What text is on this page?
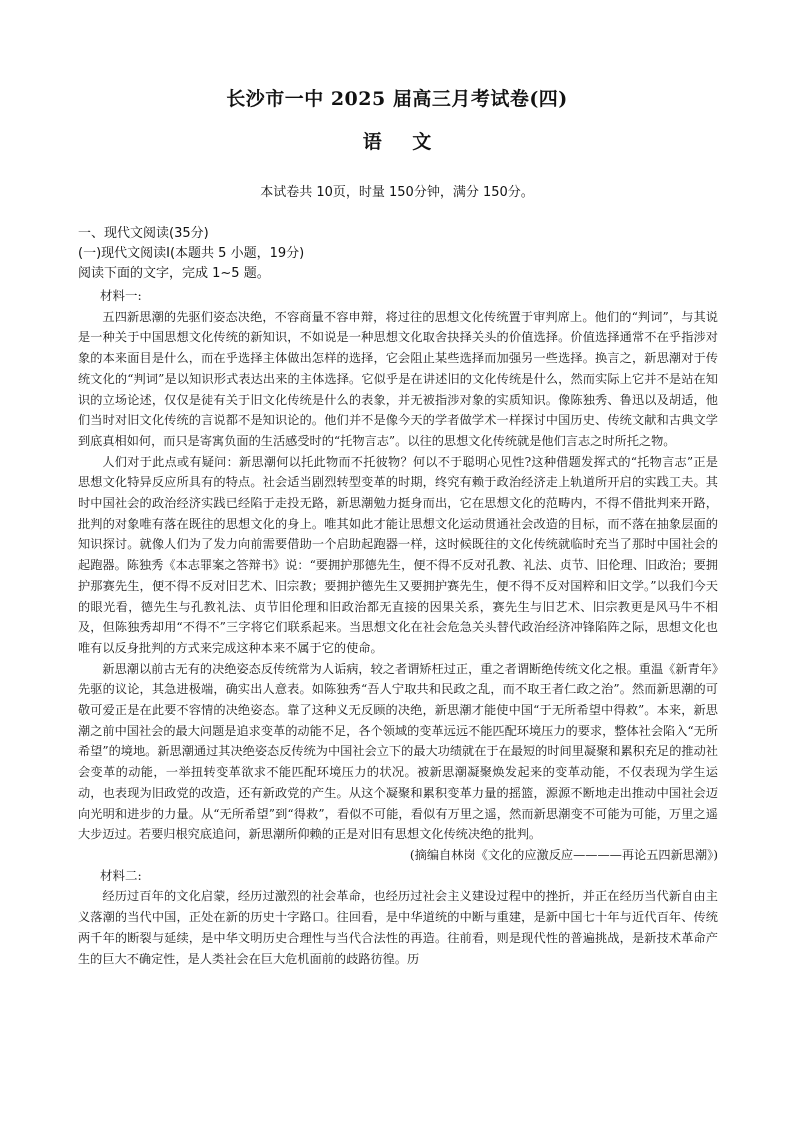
长沙市一中 2025 届高三月考试卷(四)
语 文
本试卷共 10页，时量 150分钟，满分 150分。
一、现代文阅读(35分)
(一)现代文阅读Ⅰ(本题共 5 小题，19分)
阅读下面的文字，完成 1~5 题。
材料一:

五四新思潮的先驱们姿态决绝，不容商量不容申辩，将过往的思想文化传统置于审判席上。他们的“判词”，与其说是一种关于中国思想文化传统的新知识，不如说是一种思想文化取舍抉择关头的价值选择。价值选择通常不在乎指涉对象的本来面目是什么，而在乎选择主体做出怎样的选择，它会阻止某些选择而加强另一些选择。换言之，新思潮对于传统文化的“判词”是以知识形式表达出来的主体选择。它似乎是在讲述旧的文化传统是什么，然而实际上它并不是站在知识的立场论述，仅仅是徒有关于旧文化传统是什么的表象，并无被指涉对象的实质知识。像陈独秀、鲁迅以及胡适，他们当时对旧文化传统的言说都不是知识论的。他们并不是像今天的学者做学术一样探讨中国历史、传统文献和古典文学到底真相如何，而只是寄寓负面的生活感受时的“托物言志”。以往的思想文化传统就是他们言志之时所托之物。

人们对于此点或有疑问：新思潮何以托此物而不托彼物？何以不于聪明心见性?这种借题发挥式的“托物言志”正是思想文化特异反应所具有的特点。社会适当剧烈转型变革的时期，终究有赖于政治经济走上轨道所开启的实践工夫。其时中国社会的政治经济实践已经陷于走投无路，新思潮勉力挺身而出，它在思想文化的范畴内，不得不借批判来开路，批判的对象唯有落在既往的思想文化的身上。唯其如此才能让思想文化运动贯通社会改造的目标，而不落在抽象层面的知识探讨。就像人们为了发力向前需要借助一个启助起跑器一样，这时候既往的文化传统就临时充当了那时中国社会的起跑器。陈独秀《本志罪案之答辩书》说：“要拥护那德先生，便不得不反对孔教、礼法、贞节、旧伦理、旧政治；要拥护那赛先生，便不得不反对旧艺术、旧宗教；要拥护德先生又要拥护赛先生，便不得不反对国粹和旧文学。”以我们今天的眼光看，德先生与孔教礼法、贞节旧伦理和旧政治都无直接的因果关系，赛先生与旧艺术、旧宗教更是风马牛不相及，但陈独秀却用“不得不”三字将它们联系起来。当思想文化在社会危急关头替代政治经济冲锋陷阵之际，思想文化也唯有以反身批判的方式来完成这种本来不属于它的使命。

新思潮以前古无有的决绝姿态反传统常为人诟病，较之者谓矫枉过正，重之者谓断绝传统文化之根。重温《新青年》先驱的议论，其急进极端，确实出人意表。如陈独秀“吾人宁取共和民政之乱，而不取王者仁政之治”。然而新思潮的可敬可爱正是在此要不容情的决绝姿态。靠了这种义无反顾的决绝，新思潮才能使中国“于无所希望中得救”。本来，新思潮之前中国社会的最大问题是追求变革的动能不足，各个领域的变革远远不能匹配环境压力的要求，整体社会陷入“无所希望”的境地。新思潮通过其决绝姿态反传统为中国社会立下的最大功绩就在于在最短的时间里凝聚和累积充足的推动社会变革的动能，一举扭转变革欲求不能匹配环境压力的状况。被新思潮凝聚焕发起来的变革动能，不仅表现为学生运动，也表现为旧政党的改造，还有新政党的产生。从这个凝聚和累积变革力量的摇篮，源源不断地走出推动中国社会迈向光明和进步的力量。从“无所希望”到“得救”，看似不可能，看似有万里之遥，然而新思潮变不可能为可能，万里之遥大步迈过。若要归根究底追问，新思潮所仰赖的正是对旧有思想文化传统决绝的批判。

(摘编自林岗《文化的应激反应————再论五四新思潮》)
材料二:

经历过百年的文化启蒙，经历过激烈的社会革命，也经历过社会主义建设过程中的挫折，并正在经历当代新自由主义落潮的当代中国，正处在新的历史十字路口。往回看，是中华道统的中断与重建，是新中国七十年与近代百年、传统两千年的断裂与延续，是中华文明历史合理性与当代合法性的再造。往前看，则是现代性的普遍挑战，是新技术革命产生的巨大不确定性，是人类社会在巨大危机面前的歧路彷徨。历
